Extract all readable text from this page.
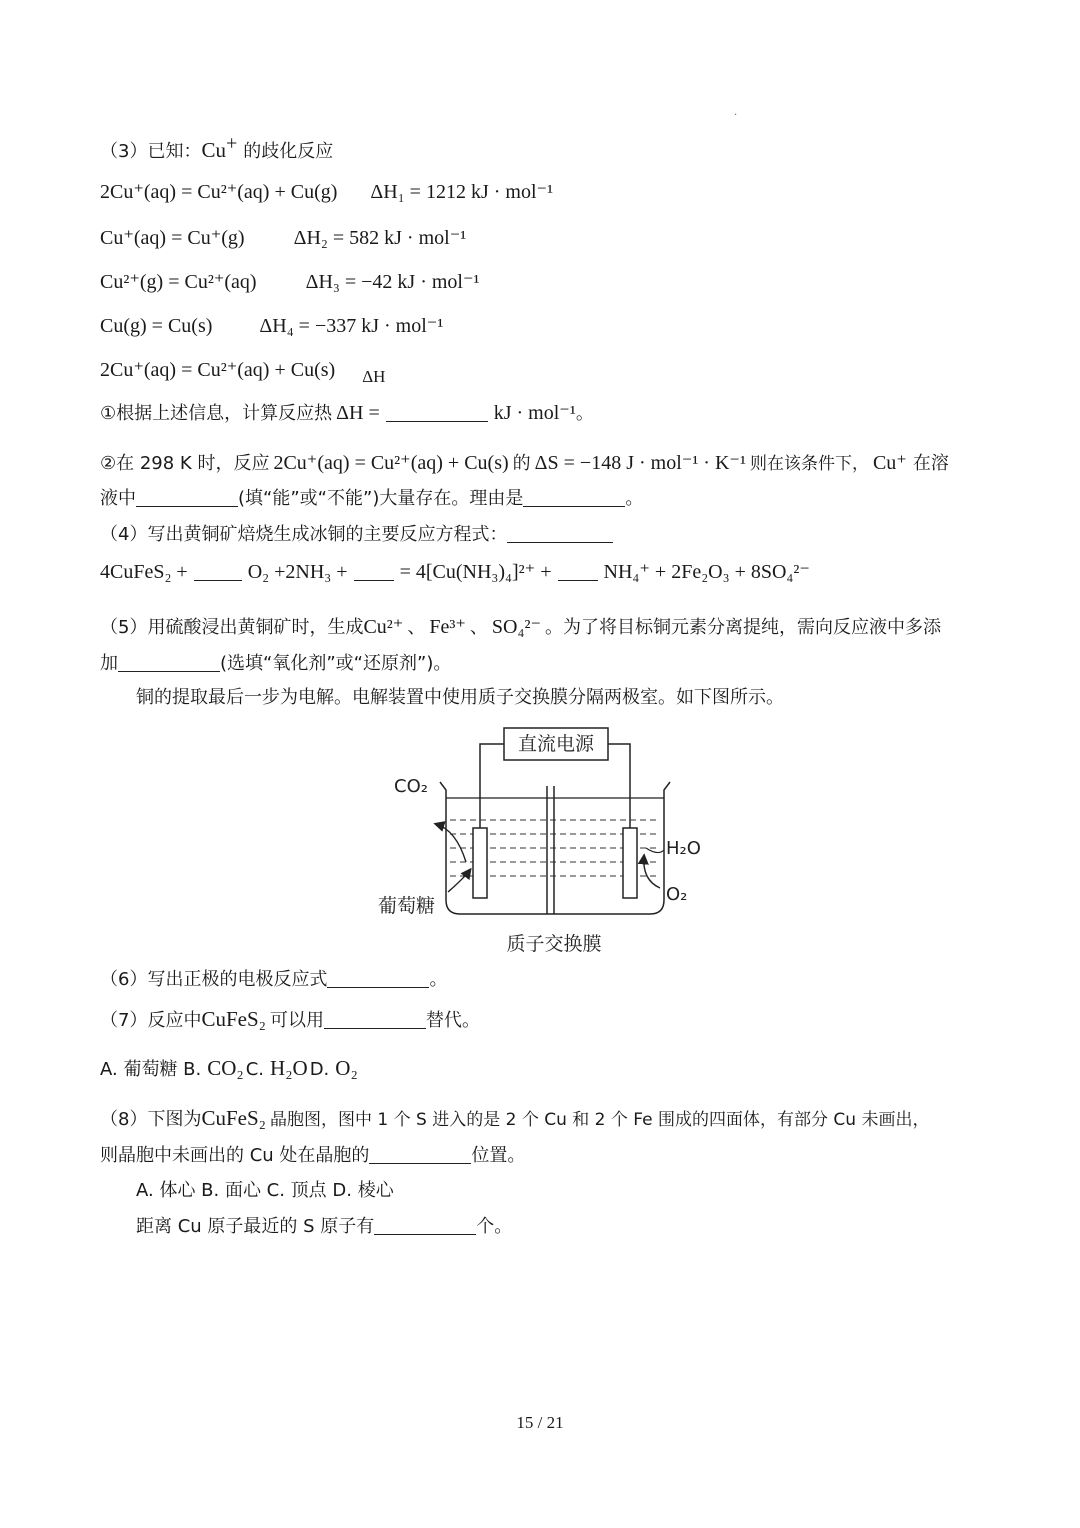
.
（3）已知：Cu+ 的歧化反应
2Cu⁺(aq) = Cu²⁺(aq) + Cu(g) ΔH₁ = 1212 kJ · mol⁻¹
Cu⁺(aq) = Cu⁺(g) ΔH₂ = 582 kJ · mol⁻¹
Cu²⁺(g) = Cu²⁺(aq) ΔH₃ = −42 kJ · mol⁻¹
Cu(g) = Cu(s) ΔH₄ = −337 kJ · mol⁻¹
2Cu⁺(aq) = Cu²⁺(aq) + Cu(s) ΔH
①根据上述信息，计算反应热 ΔH =	kJ · mol⁻¹。
②在 298 K 时，反应 2Cu⁺(aq) = Cu²⁺(aq) + Cu(s) 的 ΔS = −148 J · mol⁻¹ · K⁻¹ 则在该条件下， Cu⁺ 在溶
液中	(填“能”或“不能”)大量存在。理由是	。
（4）写出黄铜矿焙烧生成冰铜的主要反应方程式：
4CuFeS₂ +	O₂ +2NH₃ +	= 4[Cu(NH₃)₄]²⁺ +	NH₄⁺ + 2Fe₂O₃ + 8SO₄²⁻
（5）用硫酸浸出黄铜矿时，生成Cu²⁺ 、 Fe³⁺ 、 SO₄²⁻ 。为了将目标铜元素分离提纯，需向反应液中多添
加	(选填“氧化剂”或“还原剂”)。
铜的提取最后一步为电解。电解装置中使用质子交换膜分隔两极室。如下图所示。
直流电源
CO₂
H₂O
O₂
葡萄糖
质子交换膜
（6）写出正极的电极反应式	。
（7）反应中CuFeS₂ 可以用	替代。
A. 葡萄糖 B. CO₂ C. H₂O D. O₂
（8）下图为CuFeS₂ 晶胞图，图中 1 个 S 进入的是 2 个 Cu 和 2 个 Fe 围成的四面体，有部分 Cu 未画出，
则晶胞中未画出的 Cu 处在晶胞的	位置。
A. 体心 B. 面心 C. 顶点 D. 棱心
距离 Cu 原子最近的 S 原子有	个。
15 / 21
